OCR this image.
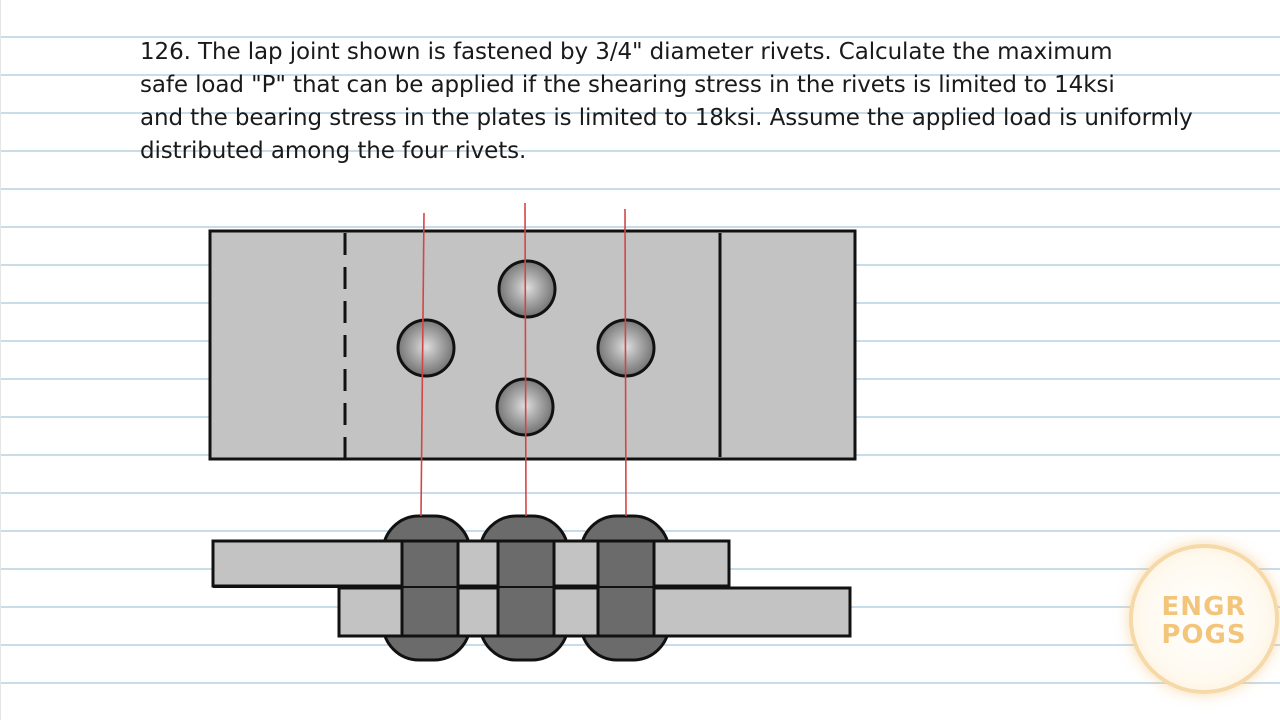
126. The lap joint shown is fastened by 3/4" diameter rivets. Calculate the maximum
safe load "P" that can be applied if the shearing stress in the rivets is limited to 14ksi
and the bearing stress in the plates is limited to 18ksi. Assume the applied load is uniformly
distributed among the four rivets.
ENGR
POGS
